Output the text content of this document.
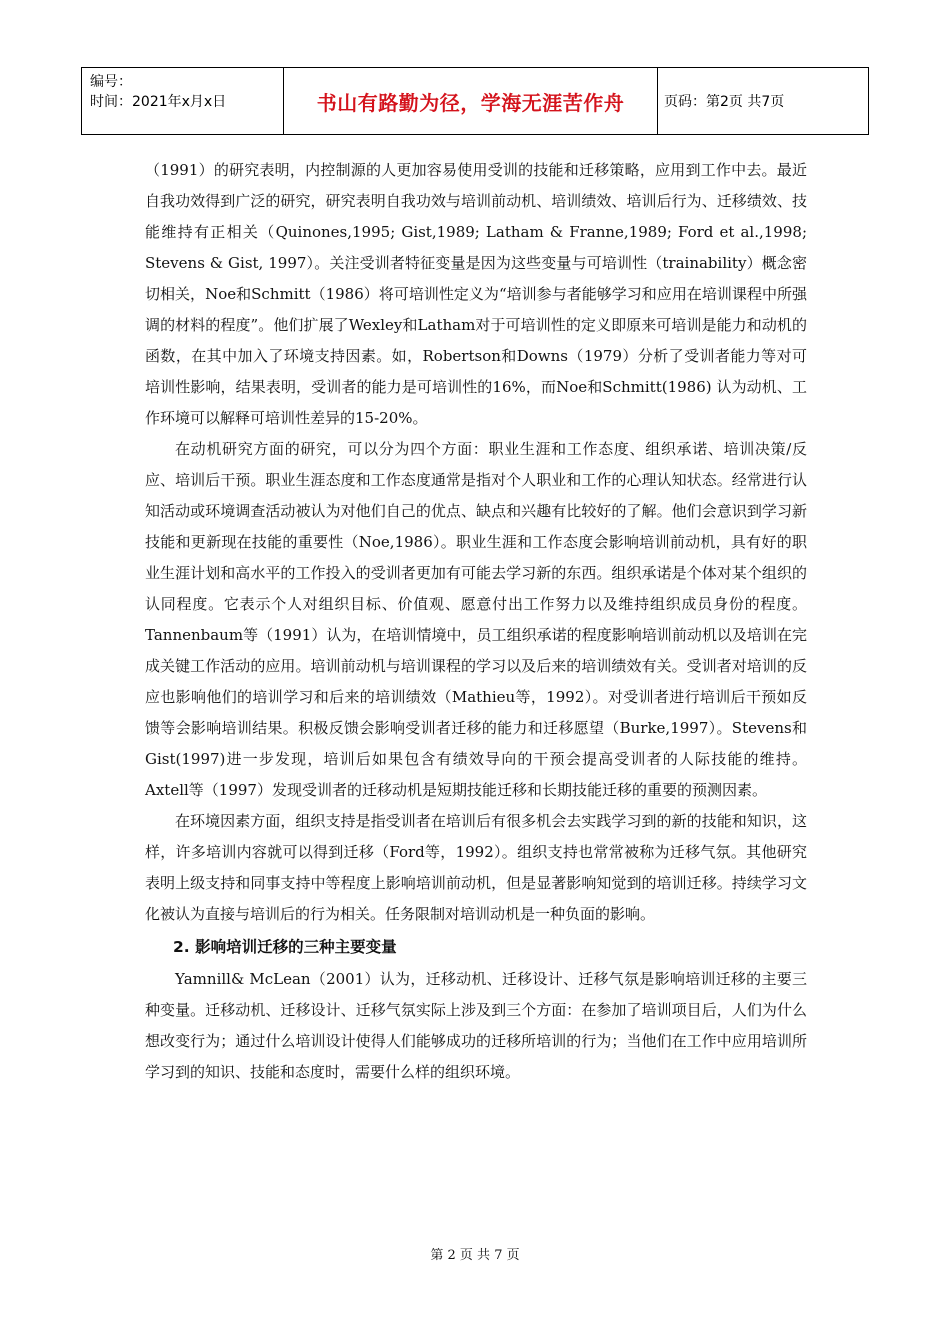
编号：
时间：2021年x月x日	书山有路勤为径，学海无涯苦作舟	页码：第2页 共7页

（1991）的研究表明，内控制源的人更加容易使用受训的技能和迁移策略，应用到工作中去。最近自我功效得到广泛的研究，研究表明自我功效与培训前动机、培训绩效、培训后行为、迁移绩效、技能维持有正相关（Quinones,1995; Gist,1989; Latham & Franne,1989; Ford et al.,1998; Stevens & Gist, 1997）。关注受训者特征变量是因为这些变量与可培训性（trainability）概念密切相关，Noe和Schmitt（1986）将可培训性定义为“培训参与者能够学习和应用在培训课程中所强调的材料的程度”。他们扩展了Wexley和Latham对于可培训性的定义即原来可培训是能力和动机的函数，在其中加入了环境支持因素。如，Robertson和Downs（1979）分析了受训者能力等对可培训性影响，结果表明，受训者的能力是可培训性的16%，而Noe和Schmitt(1986) 认为动机、工作环境可以解释可培训性差异的15-20%。

在动机研究方面的研究，可以分为四个方面：职业生涯和工作态度、组织承诺、培训决策/反应、培训后干预。职业生涯态度和工作态度通常是指对个人职业和工作的心理认知状态。经常进行认知活动或环境调查活动被认为对他们自己的优点、缺点和兴趣有比较好的了解。他们会意识到学习新技能和更新现在技能的重要性（Noe,1986）。职业生涯和工作态度会影响培训前动机，具有好的职业生涯计划和高水平的工作投入的受训者更加有可能去学习新的东西。组织承诺是个体对某个组织的认同程度。它表示个人对组织目标、价值观、愿意付出工作努力以及维持组织成员身份的程度。Tannenbaum等（1991）认为，在培训情境中，员工组织承诺的程度影响培训前动机以及培训在完成关键工作活动的应用。培训前动机与培训课程的学习以及后来的培训绩效有关。受训者对培训的反应也影响他们的培训学习和后来的培训绩效（Mathieu等，1992）。对受训者进行培训后干预如反馈等会影响培训结果。积极反馈会影响受训者迁移的能力和迁移愿望（Burke,1997）。Stevens和Gist(1997)进一步发现，培训后如果包含有绩效导向的干预会提高受训者的人际技能的维持。Axtell等（1997）发现受训者的迁移动机是短期技能迁移和长期技能迁移的重要的预测因素。

在环境因素方面，组织支持是指受训者在培训后有很多机会去实践学习到的新的技能和知识，这样，许多培训内容就可以得到迁移（Ford等，1992）。组织支持也常常被称为迁移气氛。其他研究表明上级支持和同事支持中等程度上影响培训前动机，但是显著影响知觉到的培训迁移。持续学习文化被认为直接与培训后的行为相关。任务限制对培训动机是一种负面的影响。

2. 影响培训迁移的三种主要变量

Yamnill& McLean（2001）认为，迁移动机、迁移设计、迁移气氛是影响培训迁移的主要三种变量。迁移动机、迁移设计、迁移气氛实际上涉及到三个方面：在参加了培训项目后，人们为什么想改变行为；通过什么培训设计使得人们能够成功的迁移所培训的行为；当他们在工作中应用培训所学习到的知识、技能和态度时，需要什么样的组织环境。

第 2 页 共 7 页
